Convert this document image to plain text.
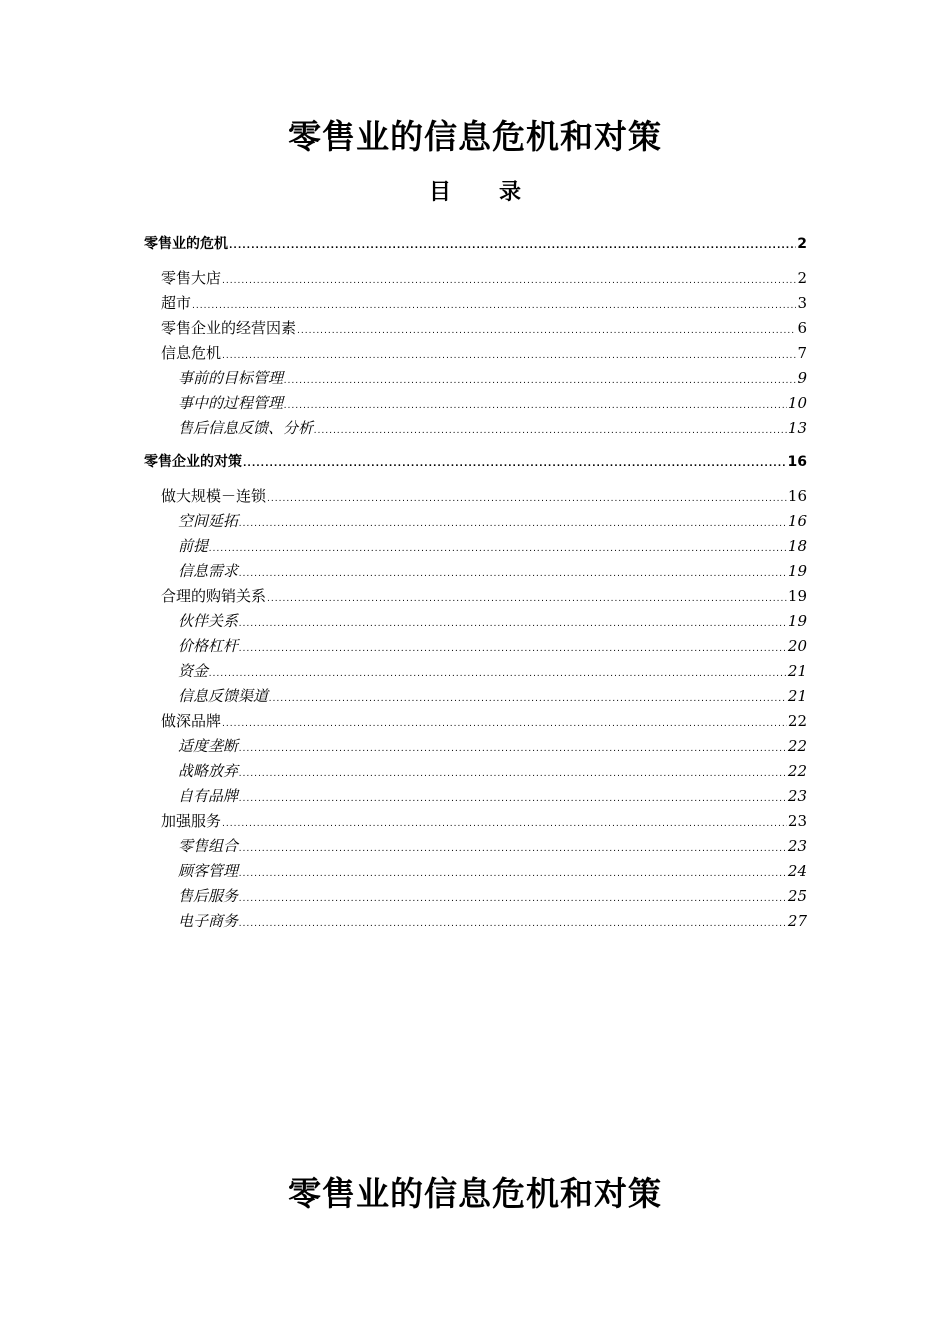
零售业的信息危机和对策
目 录
零售业的危机 .....	2
零售大店 .....	2
超市 .....	3
零售企业的经营因素 .....	6
信息危机 .....	7
事前的目标管理 .....	9
事中的过程管理 .....	10
售后信息反馈、分析 .....	13
零售企业的对策 .....	16
做大规模－连锁 .....	16
空间延拓 .....	16
前提 .....	18
信息需求 .....	19
合理的购销关系 .....	19
伙伴关系 .....	19
价格杠杆 .....	20
资金 .....	21
信息反馈渠道 .....	21
做深品牌 .....	22
适度垄断 .....	22
战略放弃 .....	22
自有品牌 .....	23
加强服务 .....	23
零售组合 .....	23
顾客管理 .....	24
售后服务 .....	25
电子商务 .....	27
零售业的信息危机和对策
